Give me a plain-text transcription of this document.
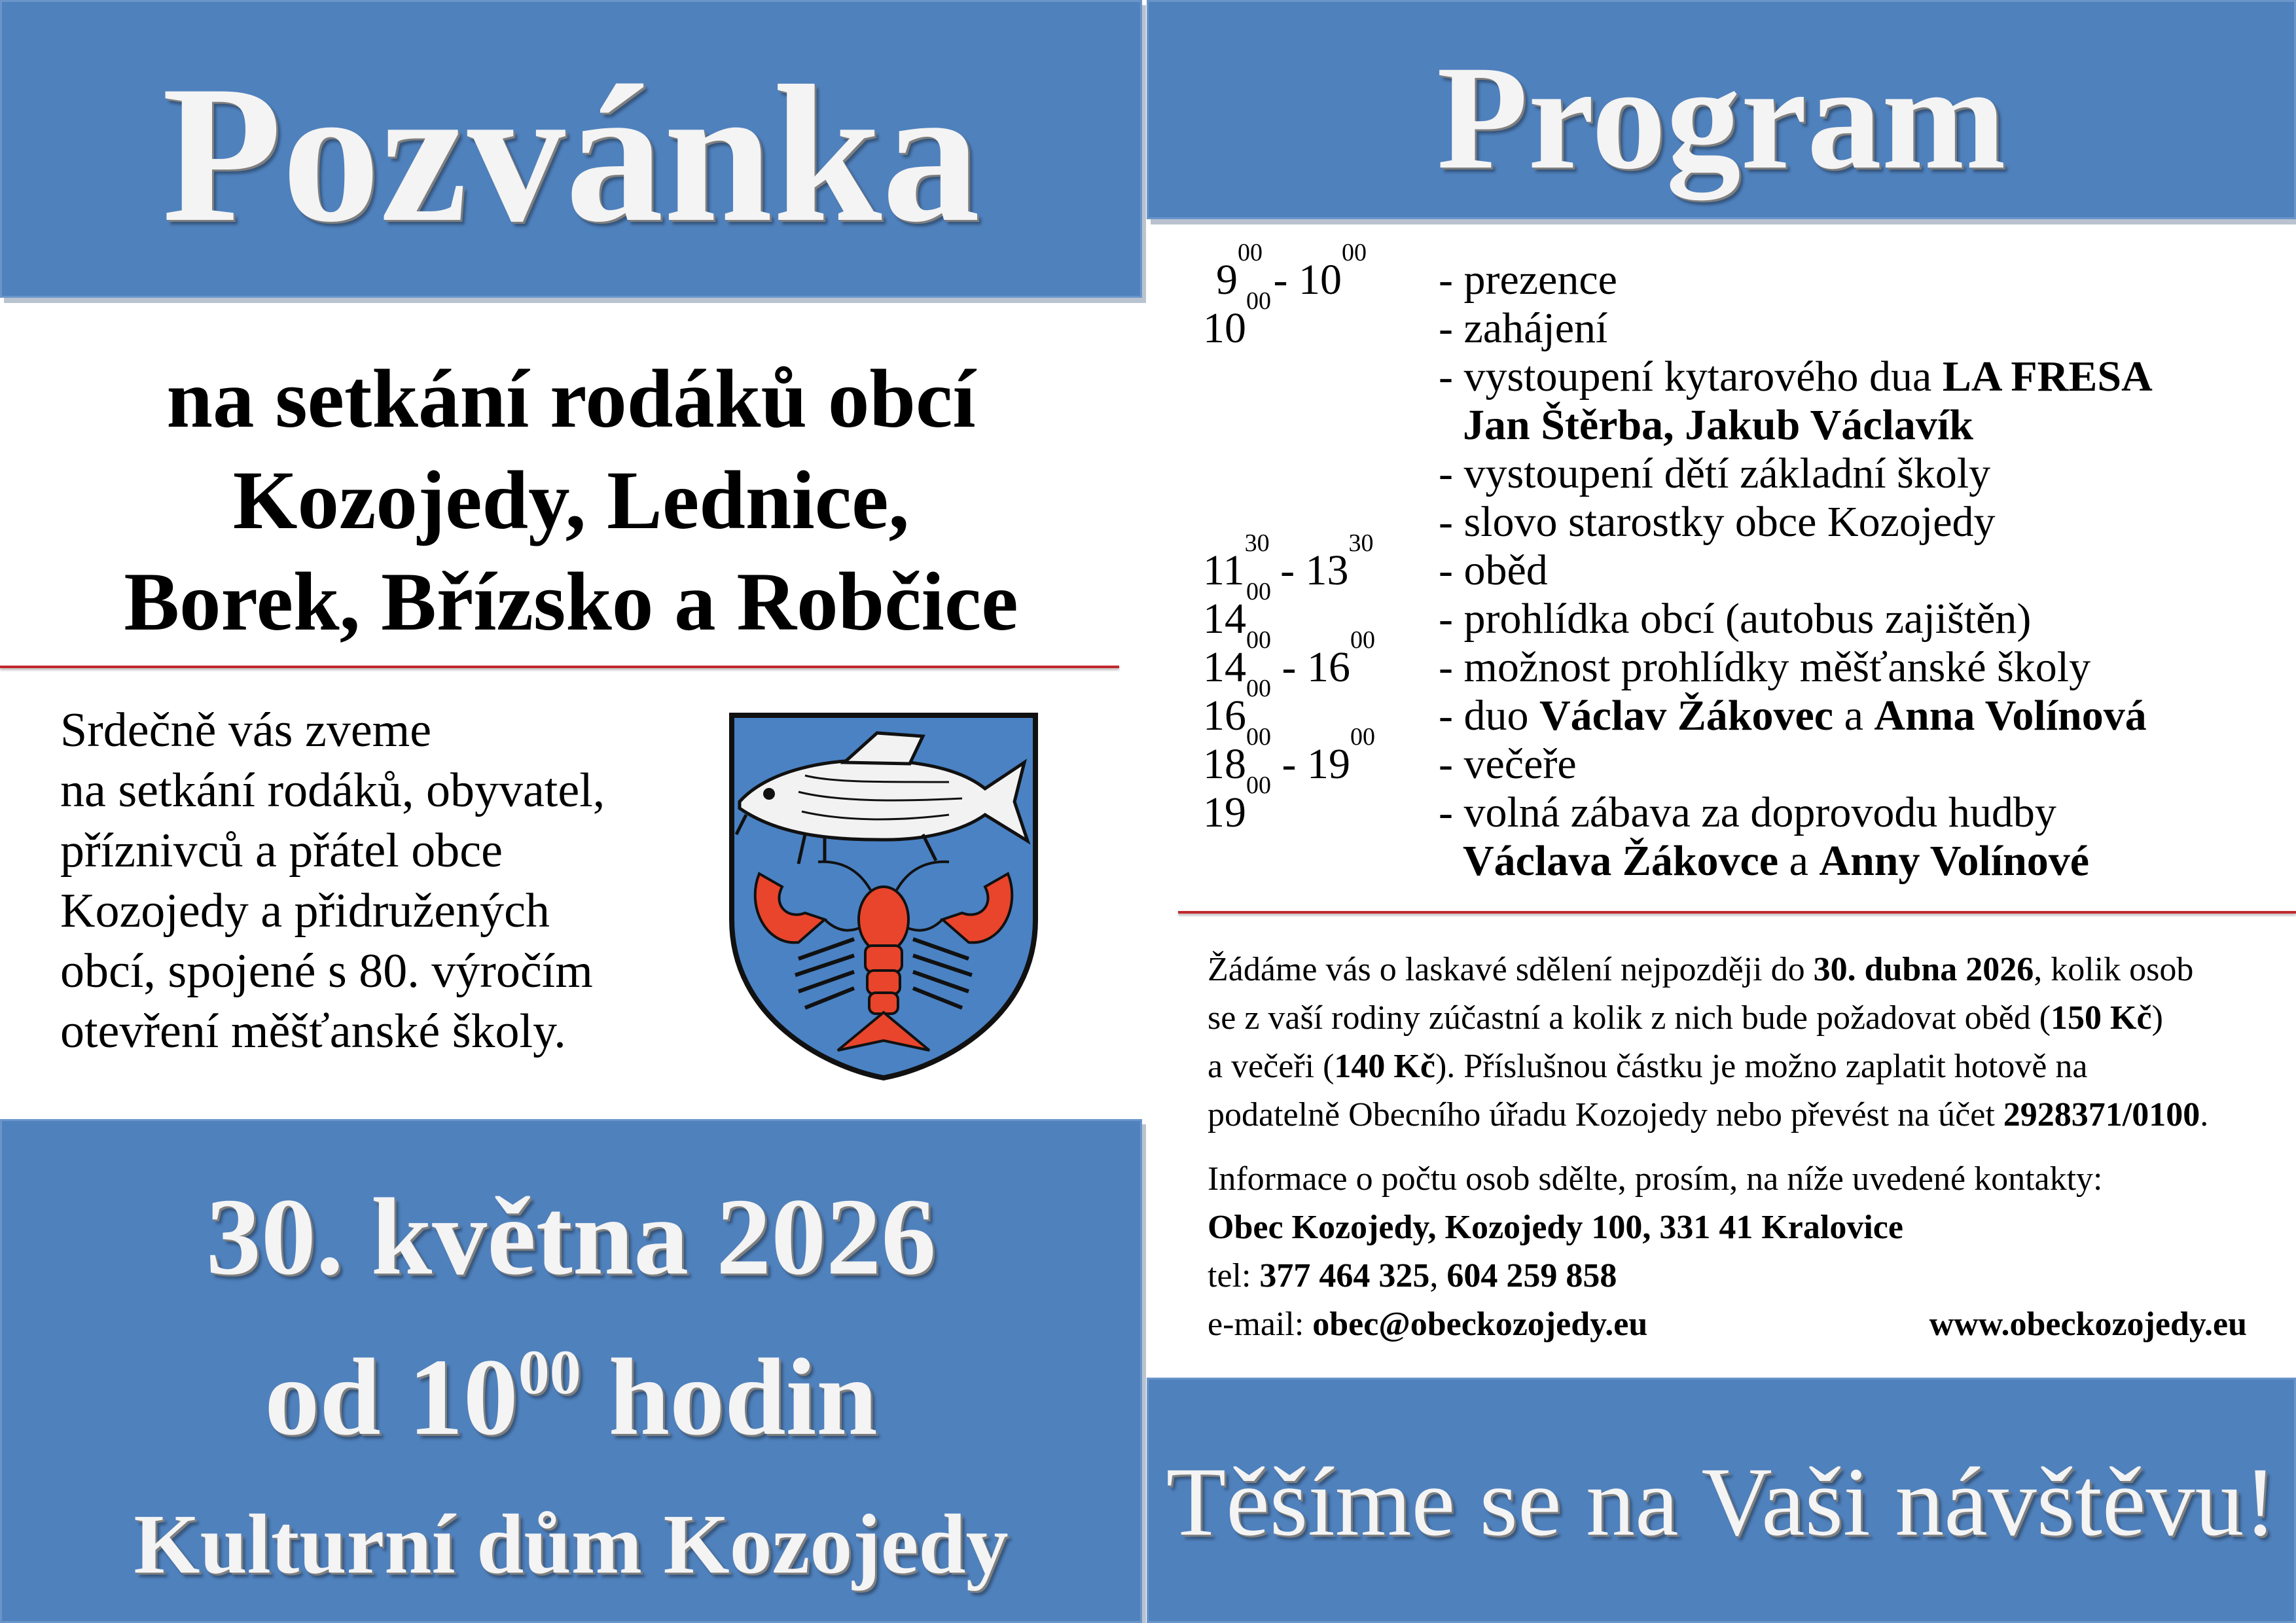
Pozvánka
na setkání rodáků obcí
Kozojedy, Lednice,
Borek, Břízsko a Robčice
Srdečně vás zveme
na setkání rodáků, obyvatel,
příznivců a přátel obce
Kozojedy a přidružených
obcí, spojené s 80. výročím
otevření měšťanské školy.
30. května 2026
od $10^{00}$ hodin
Kulturní dům Kozojedy
Program
$9^{00} - 10^{00}$
- prezence
$10^{00}$
- zahájení
- vystoupení kytarového dua LA FRESA
Jan Štěrba, Jakub Václavík
- vystoupení dětí základní školy
- slovo starostky obce Kozojedy
$11^{30} - 13^{30}$
- oběd
$14^{00}$
- prohlídka obcí (autobus zajištěn)
$14^{00} - 16^{00}$
- možnost prohlídky měšťanské školy
$16^{00}$
- duo Václav Žákovec a Anna Volínová
$18^{00} - 19^{00}$
- večeře
$19^{00}$
- volná zábava za doprovodu hudby
Václava Žákovce a Anny Volínové
Žádáme vás o laskavé sdělení nejpozději do 30. dubna 2026, kolik osob
se z vaší rodiny zúčastní a kolik z nich bude požadovat oběd (150 Kč)
a večeři (140 Kč). Příslušnou částku je možno zaplatit hotově na
podatelně Obecního úřadu Kozojedy nebo převést na účet 2928371/0100.
Informace o počtu osob sdělte, prosím, na níže uvedené kontakty:
Obec Kozojedy, Kozojedy 100, 331 41 Kralovice
tel: 377 464 325, 604 259 858
e-mail: obec@obeckozojedy.eu	www.obeckozojedy.eu
Těšíme se na Vaši návštěvu!
